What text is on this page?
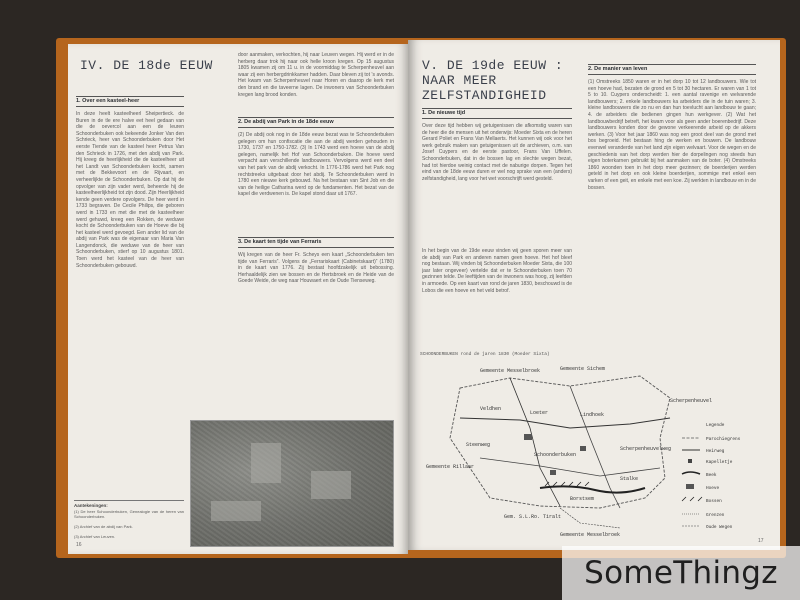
IV. DE 18de EEUW
1. Over een kasteel-heer

In deze heelt kasteelheerl Sheipertieck. de Buren in de tle ere halve eet heel gedaan van die de oevercol aan een de leuren Schoonderbuken ook bekeende Jonker Van den Schrieck, heer van Schoonderbuken door Het eerste Tiende van de kasteel heer Petrus Van den Schrieck in 1726, met den abdij van Park. Hij kreeg de heerlijkheid die de kasteelheer uit het Landt van Schoonderbuken kocht, samen met de Bekkevoort en de Rijvaart, en verheerlijkte de Schoonderbuken. Op dat hij de opvolger van zijn vader werd, beheerde hij de kasteelheerlijkheid tot zijn dood. Zijn Heerlijkheid kende geen verdere opvolgers. De heer werd in 1733 begraven. De Cecile Philips, die geboren werd in 1733 en met die met de kasteelheer werd gehuwd, kreeg een Rokken, de weduwe kocht de Schoonderbuken van de Hoeve die bij het kasteel werd gevoegd. Een ander lid van de abdij van Park was de eigenaar van Maria Van Langendonck, die weduwe van de heer van Schoonderbuken, stierf op 10 augustus 1801. Toen werd het kasteel van de heer van Schoonderbuken gebouwd.

door aanmaken, verkochten, hij naar Leuven wegen. Hij werd er in de herberg daar trok hij naar ook helle kroon kregen. Op 15 augustus 1805 kwamen zij om 11 u. in de voormiddag te Scherpenheuvel aan waar zij een herbergdrinkkamer hadden. Daar bleven zij tot 's avonds. Het kwam van Scherpenheuvel naar Horen en daarop de kerk met den brand en die taveerne lagen. De inwoners van Schoonderbuken kregen lang brood konden.

2. De abdij van Park in de 18de eeuw

(2) De abdij ook nog in de 18de eeuw bezat was te Schoonderbuken gelegen om hun confiscatie die aan de abdij werden gehouden in 1730, 1737 en 1750-1782. (3) In 1743 werd een hoeve van de abdij gelegen, namelijk het Hof van Schoonderbuken. Die hoeve werd verpacht aan verschillende landbouwers. Vervolgens werd een deel van het park van de abdij verkocht. In 1776-1786 werd het Park nog rechtstreeks uitgebaat door het abdij. Te Schoonderbuken werd in 1780 een nieuwe kerk gebouwd. Na het bestaan van Sint Job en die van de heilige Catharina werd op de fundamenten. Het bezat van de kapel die verdwenen is. De kapel stond daar uit 1767.

3. De kaart ten tijde van Ferraris

Wij kregen van de heer Fr. Scheys een kaart „Schoonderbuken ten tijde van Ferraris“. Volgens de „Ferrariskaart (Cabinetskaart)“ (1780) in de kaart van 1776. Zij bestaat hoofdzakelijk uit bebossing. Herhaaldelijk zien we bossen en de Hertsbroek en de Heide van de Goede Weide, de weg naar Houwaert en de Oude Tienseweg.

Aantekeningen:
(1) De heer Schoonderbuken, Genealogie van de heren van Schoonderbuken.
(2) Archief van de abdij van Park.
(3) Archief van Leuven.
16
V. DE 19de EEUW :
NAAR MEER
ZELFSTANDIGHEID
1. De nieuwe tijd

Over deze tijd hebben wij getuigenissen die afkomstig waren van de heer die de mensen uit het onderwijs: Moeder Sixta en de heren Gerard Poliet en Frans Van Mellaerts. Het kunnen wij ook voor het werk gebruik maken van getuigenissen uit de archieven, o.m. van Josef Cuypers en de eerste pastoor, Frans Van Uffelen. Schoonderbuken, dat in de bossen lag en slechte wegen bezat, had tot hierdoe weinig contact met de naburige dorpen. Tegen het eind van de 18de eeuw duren er wel nog sprake van een (anders) zelfstandigheid, lang voor het wet voorschrijft werd gesteld.

In het begin van de 19de eeuw vinden wij geen sporen meer van de abdij van Park en anderen namen geen hoeve. Het hof bleef nog bestaan. Wij vinden bij Schoonderbuken Moeder Sixta, die 100 jaar later ongeveer) vertelde dat er te Schoonderbuken toen 70 gezinnen telde. De leeftijden van de inwoners was hoog, zij leefden in armoede. Op een kaart van rond de jaren 1830, beschouwd is de Lobos die een hoeve en het veld betrof.

2. De manier van leven

(1) Omstreeks 1850 waren er in het dorp 10 tot 12 landbouwers. Wie tot een hoeve had, bezaten de grond en 5 tot 30 hectaren. Er waren van 1 tot 5 to 10. Cuypers onderscheidt: 1. een aantal ravenige en welvarende landbouwers; 2. enkele landbouwers ka arbeiders die in de tuin waren; 3. kleine landbouwers die zo nu en dan hun toevlucht aan landbouw te gaan; 4. de arbeiders die bedienen gingen hun werkgever. (2) Wat het landbouwbedrijf betreft, het kwam voor als geen ander boerenbedrijf. Deze landbouwers konden door de gewone verkeerende arbeid op de akkers werken. (3) Voor het jaar 1860 was nog een groot deel van de grond met bos begroeid. Het bestaan hing de werken en bouwen. De landbouw evenwel veranderde van het land zijn eigen welvaart. Voor de wegen en de geschiedenis van het dorp werden hier de dorpelingen nog steeds hun eigen boterkarnen gebruikt bij het aanmaken van de boter. (4) Omstreeks 1860 woonden toen in het dorp meer gezinnen; de boerderijen werden geteld in het dorp en ook kleine boerderijen, sommige met enkel een varken of een geit, en enkele met een koe. Zij werkten in landbouw en in de bossen.

SCHOONDERBUKEN rond de jaren 1830 (Moeder Sixta)
Gemeente Messelbroek	Gemeente Sichem
Veldhen
Loeter	Lindhoek
Scherpenheuvel
Schoonderbuken
Gemeente Rillaar
Steenweg
Gem. S.L.Ro. Tiralt
Gemeente Messelbroek
Scherpenheuvelweg
Stalke
Borstsem
Legende
Parochiegrens
Heirweg
Kapelletje
Beek
Hoeve
Bossen
Grenzen
Oude Wegen
17
SomeThingz
